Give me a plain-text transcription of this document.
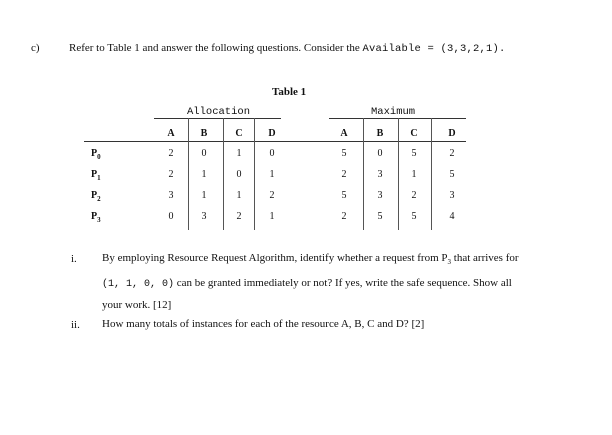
c)	Refer to Table 1 and answer the following questions. Consider the Available = (3,3,2,1).
Table 1
Allocation	Maximum
A	B	C	D	A	B	C	D
$P_0$	2	0	1	0	5	0	5	2
$P_1$	2	1	0	1	2	3	1	5
$P_2$	3	1	1	2	5	3	2	3
$P_3$	0	3	2	1	2	5	5	4
i. By employing Resource Request Algorithm, identify whether a request from $P_3$ that arrives for (1, 1, 0, 0) can be granted immediately or not? If yes, write the safe sequence. Show all your work. [12]
ii. How many totals of instances for each of the resource A, B, C and D? [2]
